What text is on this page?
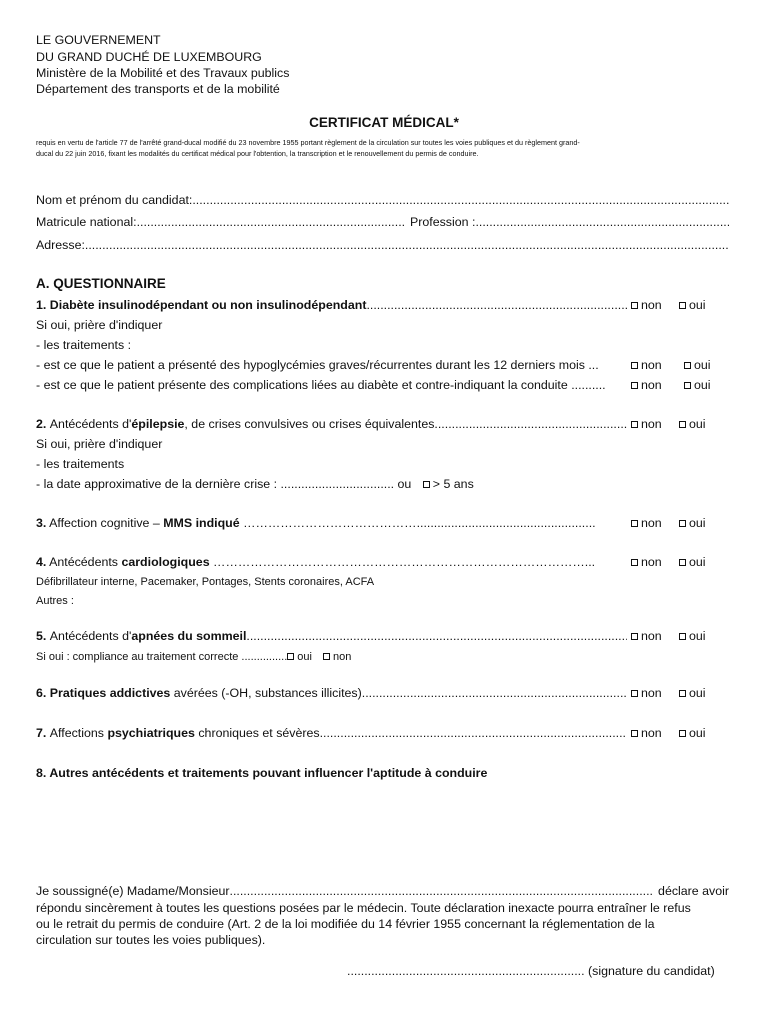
LE GOUVERNEMENT
DU GRAND DUCHÉ DE LUXEMBOURG
Ministère de la Mobilité et des Travaux publics
Département des transports et de la mobilité
CERTIFICAT MÉDICAL*
requis en vertu de l'article 77 de l'arrêté grand-ducal modifié du 23 novembre 1955 portant règlement de la circulation sur toutes les voies publiques et du règlement grand-
ducal du 22 juin 2016, fixant les modalités du certificat médical pour l'obtention, la transcription et le renouvellement du permis de conduire.
Nom et prénom du candidat:
.....
Matricule national: .....	Profession :
.....
Adresse:
.....
A. QUESTIONNAIRE
1.
Diabète insulinodépendant ou non insulinodépendant .....	non	oui
Si oui, prière d'indiquer
- les traitements :
- est ce que le patient a présenté des hypoglycémies graves/récurrentes durant les 12 derniers mois ...	non	oui
- est ce que le patient présente des complications liées au diabète et contre-indiquant la conduite ..........	non	oui
2.
Antécédents d' épilepsie , de crises convulsives ou crises équivalentes .....	non	oui
Si oui, prière d'indiquer
- les traitements
- la date approximative de la dernière crise : ................................. ou > 5 ans
3. Affection cognitive – MMS indiqué ……………………………………....................................................	non	oui
4. Antécédents cardiologiques ………………………………………………………………………………...	non	oui
Défibrillateur interne, Pacemaker, Pontages, Stents coronaires, ACFA
Autres :
5.
Antécédents d' apnées du sommeil .....	non	oui
Si oui : compliance au traitement correcte ............... oui non
6.
Pratiques addictives
avérées (-OH, substances illicites) .....	non	oui
7.
Affections
psychiatriques
chroniques et sévères .....	non	oui
8. Autres antécédents et traitements pouvant influencer l'aptitude à conduire
Je soussigné(e) Madame/Monsieur .....	déclare avoir
répondu sincèrement à toutes les questions posées par le médecin. Toute déclaration inexacte pourra entraîner le refus
ou le retrait du permis de conduire (Art. 2 de la loi modifiée du 14 février 1955 concernant la réglementation de la
circulation sur toutes les voies publiques).
..................................................................... (signature du candidat)
